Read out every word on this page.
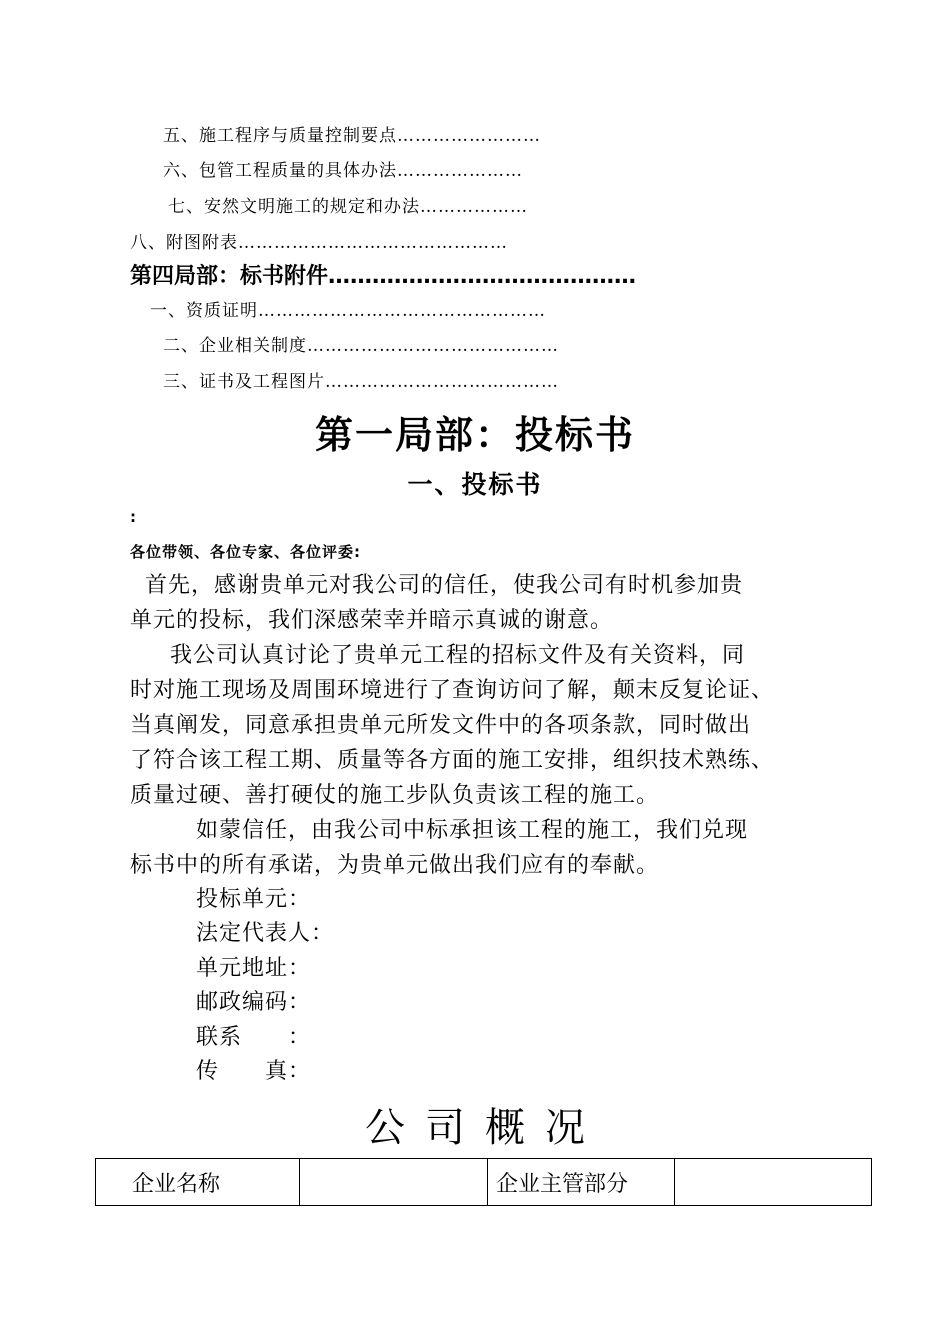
五、施工程序与质量控制要点……………………
六、包管工程质量的具体办法…………………
七、安然文明施工的规定和办法………………
八、附图附表………………………………………
第四局部：标书附件……………………………………
一、资质证明…………………………………………
二、企业相关制度……………………………………
三、证书及工程图片…………………………………
第一局部：投标书
一、投标书
:
各位带领、各位专家、各位评委:
首先，感谢贵单元对我公司的信任，使我公司有时机参加贵
单元的投标，我们深感荣幸并暗示真诚的谢意。
我公司认真讨论了贵单元工程的招标文件及有关资料，同
时对施工现场及周围环境进行了查询访问了解，颠末反复论证、
当真阐发，同意承担贵单元所发文件中的各项条款，同时做出
了符合该工程工期、质量等各方面的施工安排，组织技术熟练、
质量过硬、善打硬仗的施工步队负责该工程的施工。
如蒙信任，由我公司中标承担该工程的施工，我们兑现
标书中的所有承诺，为贵单元做出我们应有的奉献。
投标单元：
法定代表人：
单元地址：
邮政编码：
联系　　：
传　　真：
公司概况
企业名称		企业主管部分	
